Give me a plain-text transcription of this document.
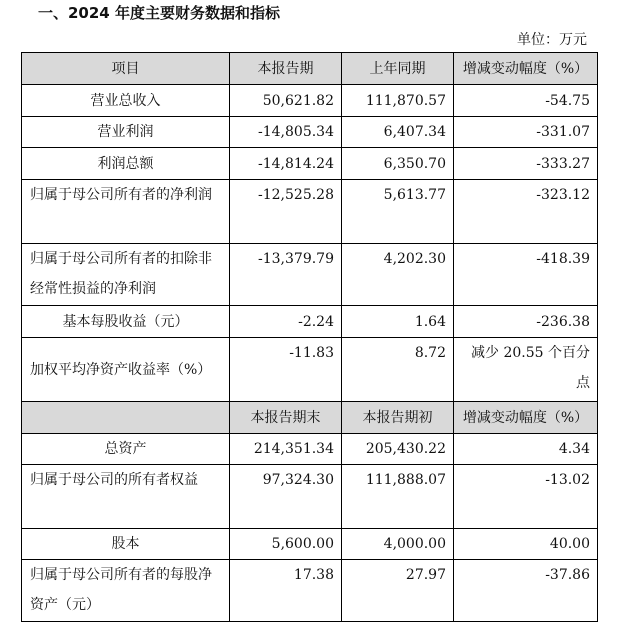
一、2024 年度主要财务数据和指标
单位：万元
项目	本报告期	上年同期	增减变动幅度（%）
营业总收入	50,621.82	111,870.57	-54.75
营业利润	-14,805.34	6,407.34	-331.07
利润总额	-14,814.24	6,350.70	-333.27
归属于母公司所有者的净利润	-12,525.28	5,613.77	-323.12
归属于母公司所有者的扣除非经常性损益的净利润	-13,379.79	4,202.30	-418.39
基本每股收益（元）	-2.24	1.64	-236.38
加权平均净资产收益率（%）	-11.83	8.72	减少 20.55 个百分点

	本报告期末	本报告期初	增减变动幅度（%）
总资产	214,351.34	205,430.22	4.34
归属于母公司的所有者权益	97,324.30	111,888.07	-13.02
股本	5,600.00	4,000.00	40.00
归属于母公司所有者的每股净资产（元）	17.38	27.97	-37.86
